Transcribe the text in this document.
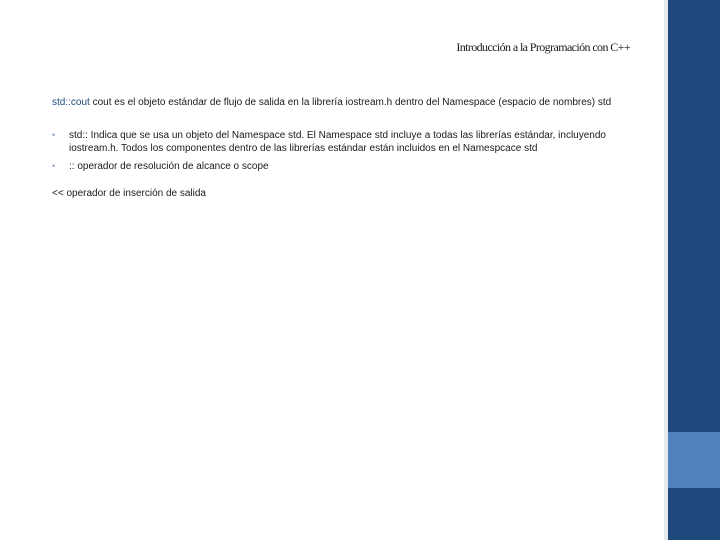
Introducción a la Programación con C++

std::cout cout es el objeto estándar de flujo de salida en la librería iostream.h dentro del Namespace (espacio de nombres) std

• std:: Indica que se usa un objeto del Namespace std. El Namespace std incluye a todas las librerías estándar, incluyendo iostream.h. Todos los componentes dentro de las librerías estándar están incluidos en el Namespcace std
• :: operador de resolución de alcance o scope

<< operador de inserción de salida
